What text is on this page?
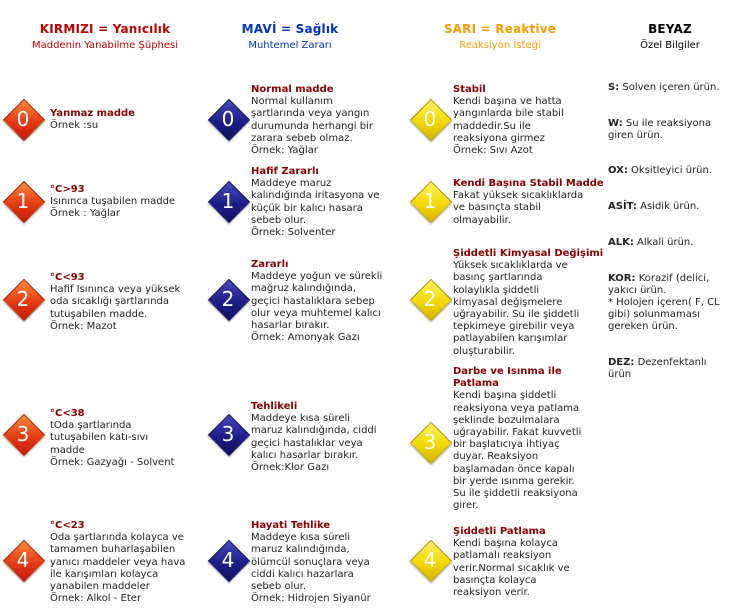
KIRMIZI = Yanıcılık
Maddenin Yanabilme Şüphesi
MAVİ = Sağlık
Muhtemel Zararı
SARI = Reaktive
Reaksiyon İsteği
BEYAZ
Özel Bilgiler
0	Yanmaz madde
Örnek :su
1	°C>93
Isınınca tuşabilen madde
Örnek : Yağlar
2
°C<93
Hafif Isınınca veya yüksek
oda sıcaklığı şartlarında
tutuşabilen madde.
Örnek: Mazot
3
°C<38
tOda şartlarında
tutuşabilen katı-sıvı
madde
Örnek: Gazyağı - Solvent
4
°C<23
Oda şartlarında kolayca ve
tamamen buharlaşabilen
yanıcı maddeler veya hava
ile karışımları kolayca
yanabilen maddeler
Örnek: Alkol - Eter
0
Normal madde
Normal kullanım
şartlarında veya yangın
durumunda herhangi bir
zarara sebeb olmaz.
Örnek: Yağlar
1
Hafif Zararlı
Maddeye maruz
kalındığında iritasyona ve
küçük bir kalıcı hasara
sebeb olur.
Örnek: Solventer
2
Zararlı
Maddeye yoğun ve sürekli
mağruz kalındığında,
geçici hastalıklara sebep
olur veya muhtemel kalıcı
hasarlar bırakır.
Örnek: Amonyak Gazı
3
Tehlikeli
Maddeye kısa süreli
maruz kalındığında, ciddi
geçici hastalıklar veya
kalıcı hasarlar bırakır.
Örnek:Klor Gazı
4
Hayati Tehlike
Maddeye kısa süreli
maruz kalındığında,
ölümcül sonuçlara veya
ciddi kalıcı hazarlara
sebeb olur.
Örnek: Hidrojen Siyanür
0
Stabil
Kendi başına ve hatta
yangınlarda bile stabil
maddedir.Su ile
reaksiyona girmez
Örnek: Sıvı Azot
1
Kendi Başına Stabil Madde
Fakat yüksek sıcaklıklarda
ve basınçta stabil
olmayabilir.
2
Şiddetli Kimyasal Değişimi
Yüksek sıcaklıklarda ve
basınç şartlarında
kolaylıkla şiddetli
kimyasal değişmelere
uğrayabilir. Su ile şiddetli
tepkimeye girebilir veya
patlayabilen karışımlar
oluşturabilir.
3
Darbe ve Isınma ile
Patlama
Kendi başına şiddetli
reaksiyona veya patlama
şeklinde bozulmalara
uğrayabilir. Fakat kuvvetli
bir başlatıcıya ihtiyaç
duyar. Reaksiyon
başlamadan önce kapalı
bir yerde ısınma gerekir.
Su ile şiddetli reaksiyona
girer.
4
Şiddetli Patlama
Kendi başına kolayca
patlamalı reaksiyon
verir.Normal sıcaklık ve
basınçta kolayca
reaksiyon verir.
S: Solven içeren ürün.
W: Su ile reaksiyona
giren ürün.
OX: Oksitleyici ürün.
ASİT: Asidik ürün.
ALK: Alkali ürün.
KOR: Korazif (delici,
yakıcı ürün.
* Holojen içeren( F, CL
gibi) solunmaması
gereken ürün.
DEZ: Dezenfektanlı
ürün
